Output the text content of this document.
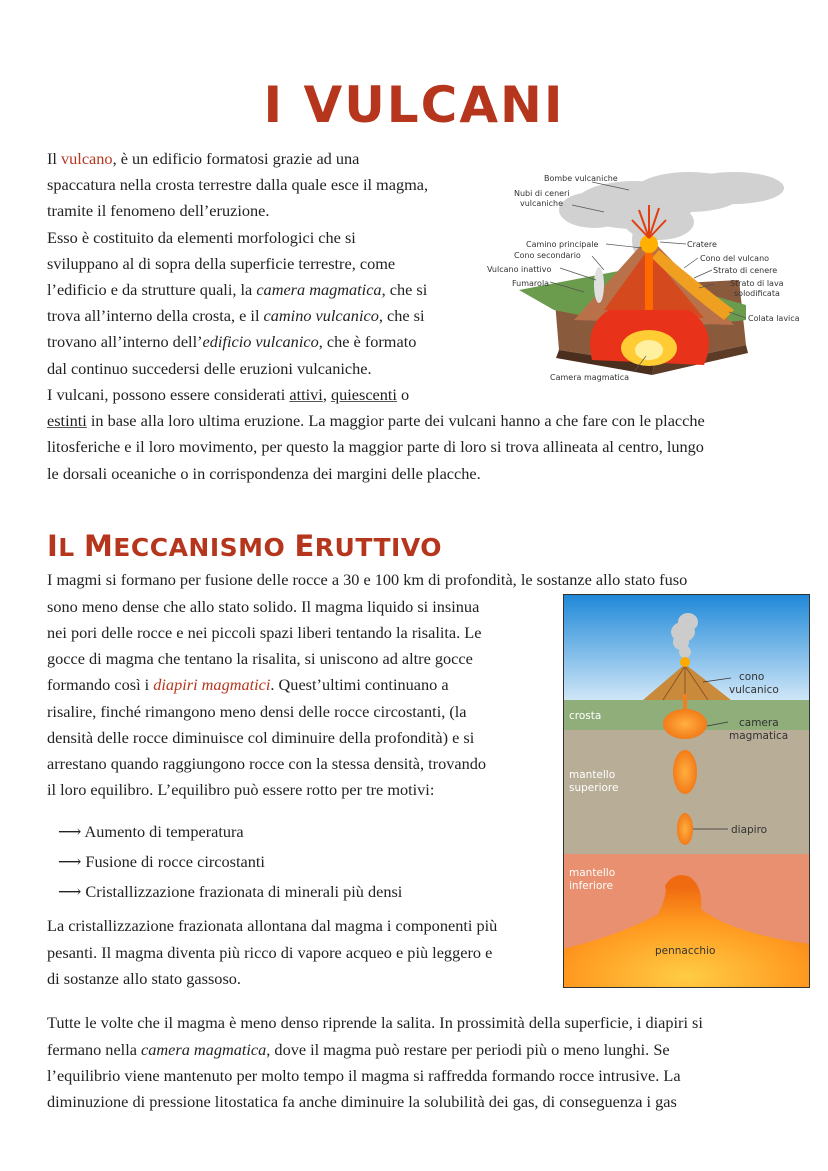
I VULCANI

Il vulcano, è un edificio formatosi grazie ad una

spaccatura nella crosta terrestre dalla quale esce il magma,

tramite il fenomeno dell’eruzione.

Esso è costituito da elementi morfologici che si

sviluppano al di sopra della superficie terrestre, come

l’edificio e da strutture quali, la camera magmatica, che si

trova all’interno della crosta, e il camino vulcanico, che si

trovano all’interno dell’edificio vulcanico, che è formato

dal continuo succedersi delle eruzioni vulcaniche.

I vulcani, possono essere considerati attivi, quiescenti o

estinti in base alla loro ultima eruzione. La maggior parte dei vulcani hanno a che fare con le placche

litosferiche e il loro movimento, per questo la maggior parte di loro si trova allineata al centro, lungo

le dorsali oceaniche o in corrispondenza dei margini delle placche.

Bombe vulcaniche
Nubi di ceneri
vulcaniche
Camino principale
Cono secondario
Vulcano inattivo
Fumarola
Cratere
Cono del vulcano
Strato di cenere
Strato di lava
solodificata
Colata lavica
Camera magmatica
IL MECCANISMO ERUTTIVO

I magmi si formano per fusione delle rocce a 30 e 100 km di profondità, le sostanze allo stato fuso

sono meno dense che allo stato solido. Il magma liquido si insinua

nei pori delle rocce e nei piccoli spazi liberi tentando la risalita. Le

gocce di magma che tentano la risalita, si uniscono ad altre gocce

formando così i diapiri magmatici. Quest’ultimi continuano a

risalire, finché rimangono meno densi delle rocce circostanti, (la

densità delle rocce diminuisce col diminuire della profondità) e si

arrestano quando raggiungono rocce con la stessa densità, trovando

il loro equilibro. L’equilibro può essere rotto per tre motivi:

⟶ Aumento di temperatura
⟶ Fusione di rocce circostanti
⟶ Cristallizzazione frazionata di minerali più densi

La cristallizzazione frazionata allontana dal magma i componenti più

pesanti. Il magma diventa più ricco di vapore acqueo e più leggero e

di sostanze allo stato gassoso.

Tutte le volte che il magma è meno denso riprende la salita. In prossimità della superficie, i diapiri si

fermano nella camera magmatica, dove il magma può restare per periodi più o meno lunghi. Se

l’equilibrio viene mantenuto per molto tempo il magma si raffredda formando rocce intrusive. La

diminuzione di pressione litostatica fa anche diminuire la solubilità dei gas, di conseguenza i gas

crosta
mantello
superiore
mantello
inferiore
cono
vulcanico
camera
magmatica
diapiro
pennacchio
